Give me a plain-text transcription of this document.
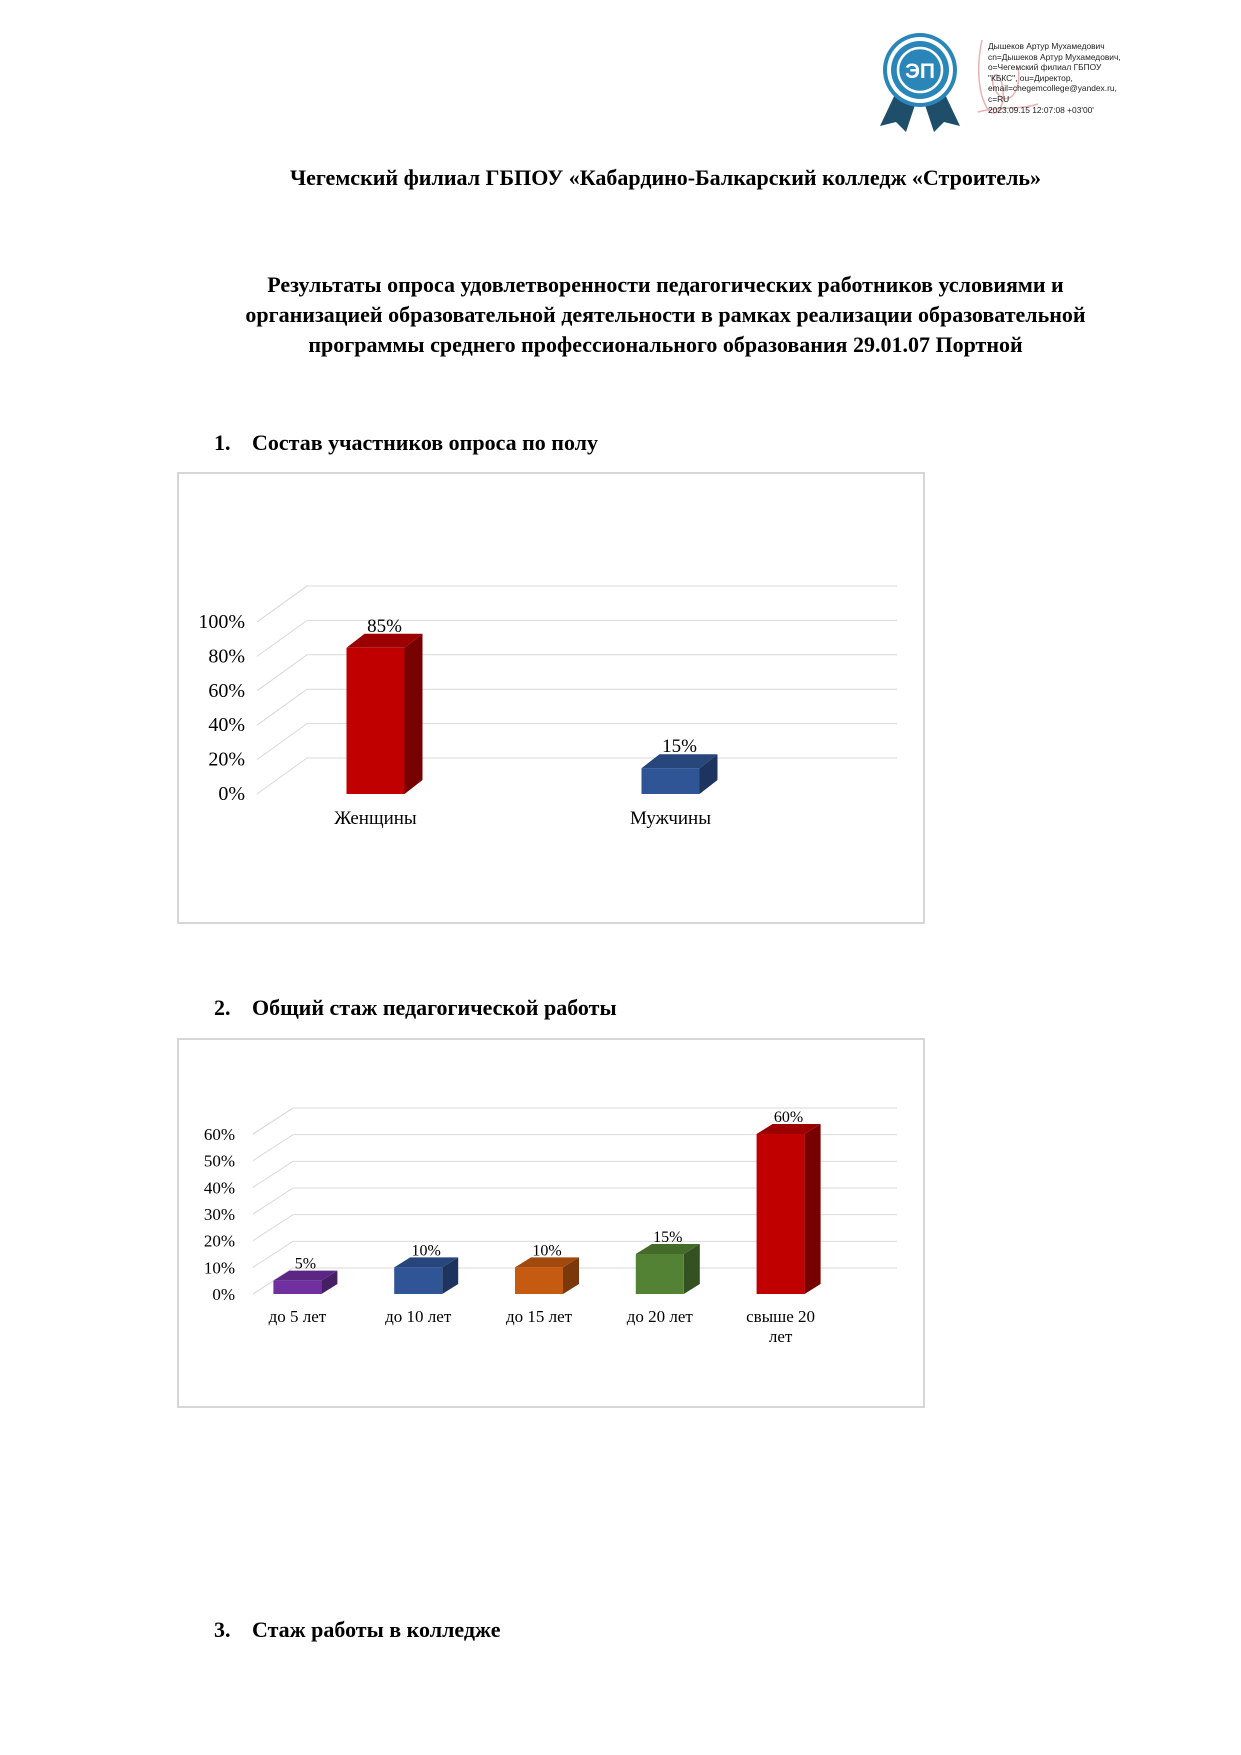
ЭП
Дышеков Артур Мухамедович
cn=Дышеков Артур Мухамедович,
o=Чегемский филиал ГБПОУ
"КБКС", ou=Директор,
email=chegemcollege@yandex.ru,
c=RU
2023.09.15 12:07:08 +03'00'
Чегемский филиал ГБПОУ «Кабардино-Балкарский колледж «Строитель»
Результаты опроса удовлетворенности педагогических работников условиями и
организацией образовательной деятельности в рамках реализации образовательной
программы среднего профессионального образования 29.01.07 Портной
1. Состав участников опроса по полу
0%
20%
40%
60%
80%
100%	85%
Женщины
15%
Мужчины
2. Общий стаж педагогической работы
0%
10%
20%
30%
40%
50%
60%
5%
до 5 лет
10%
до 10 лет
10%
до 15 лет
15%
до 20 лет
60%
свыше 20
лет
3. Стаж работы в колледже
